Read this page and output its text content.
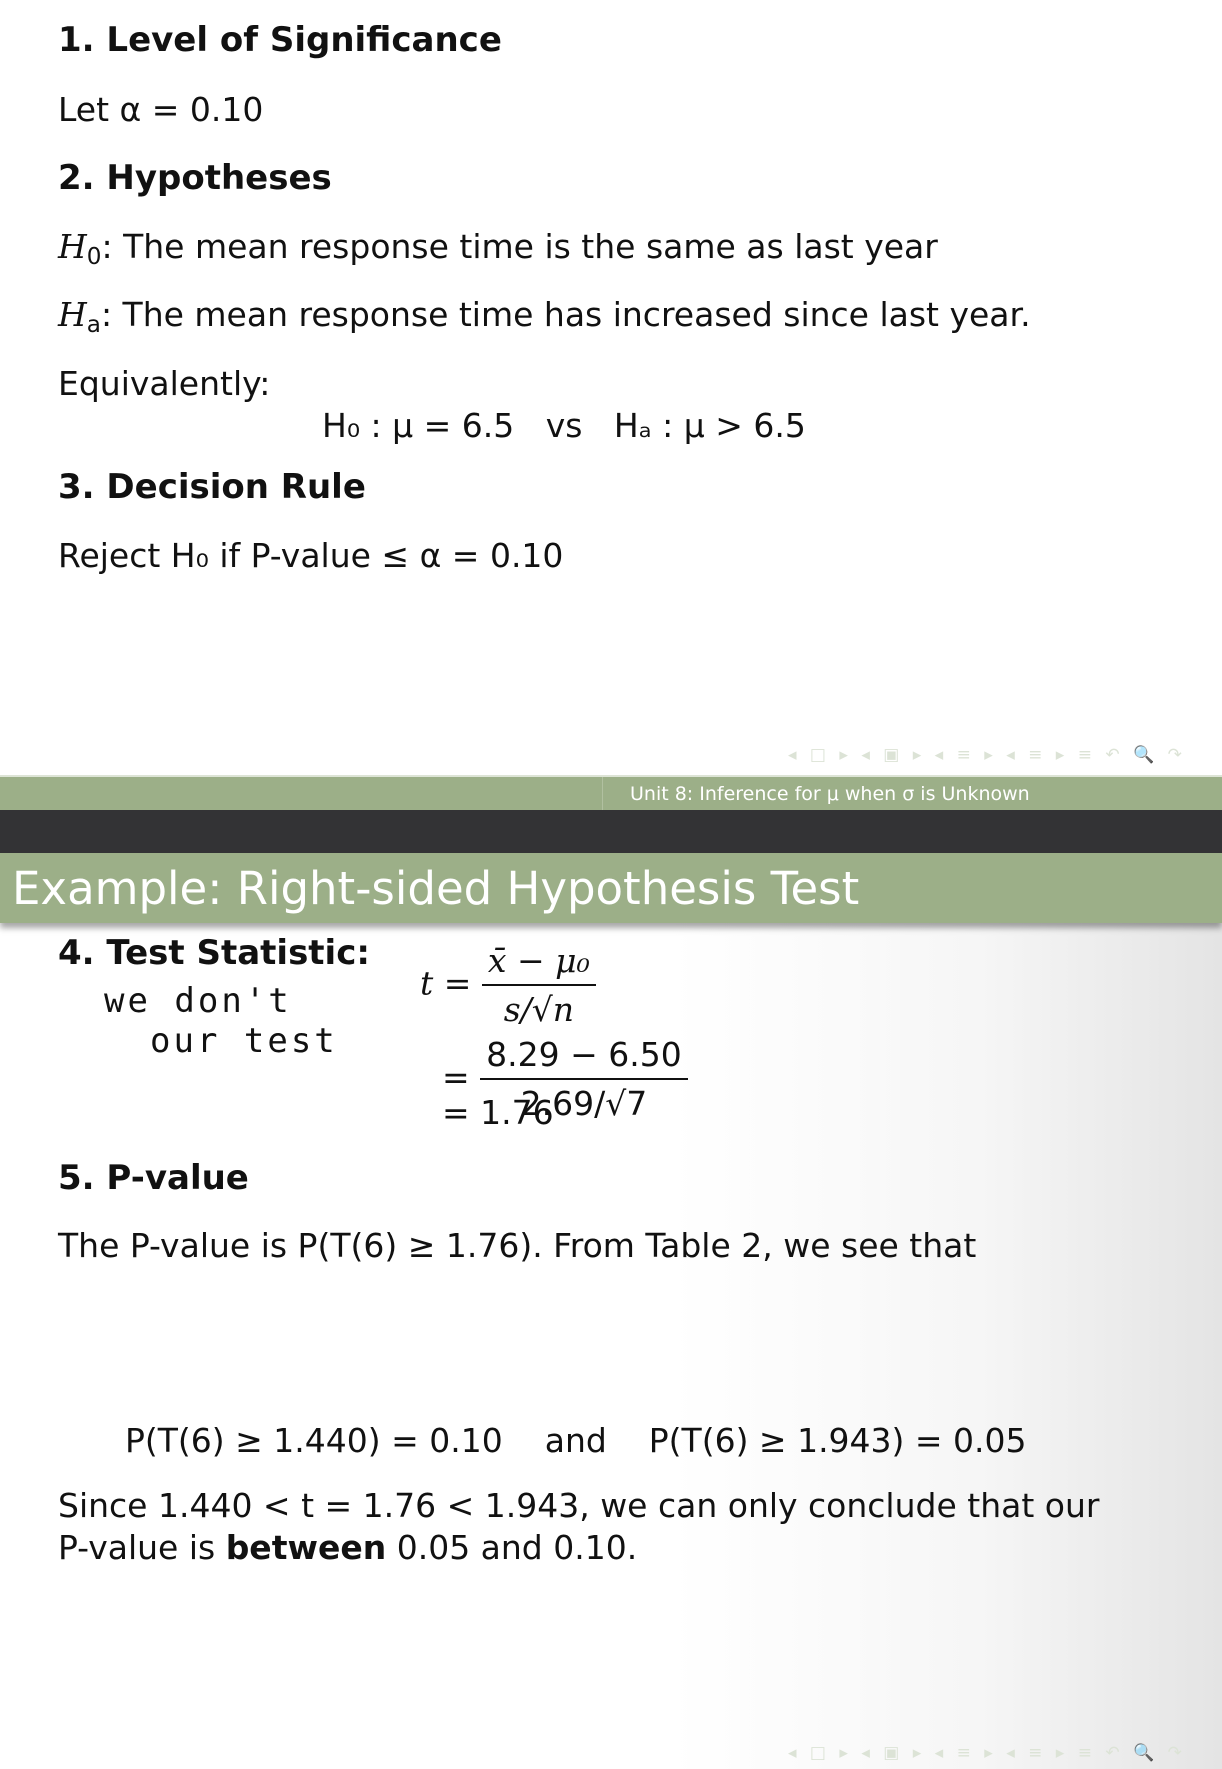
1. Level of Significance
Let α = 0.10
2. Hypotheses
$H_0$: The mean response time is the same as last year
$H_a$: The mean response time has increased since last year.
Equivalently:
H₀ : μ = 6.5   vs   Hₐ : μ > 6.5
3. Decision Rule
Reject H₀ if P-value ≤ α = 0.10
◂ □ ▸ ◂ ▣ ▸ ◂ ≡ ▸ ◂ ≡ ▸ ≡ ↶ 🔍 ↷
Unit 8: Inference for μ when σ is Unknown
Example: Right-sided Hypothesis Test
4. Test Statistic:
we don't
our test
$t = \frac{\text{x̄ − μ₀}}{s/√n}$
= $\frac{8.29 - 6.50}{2.69/√7}$
= 1.76
5. P-value
The P-value is P(T(6) ≥ 1.76). From Table 2, we see that
P(T(6) ≥ 1.440) = 0.10    and    P(T(6) ≥ 1.943) = 0.05
Since 1.440 < t = 1.76 < 1.943, we can only conclude that our
P-value is between 0.05 and 0.10.
◂ □ ▸ ◂ ▣ ▸ ◂ ≡ ▸ ◂ ≡ ▸ ≡ ↶ 🔍 ↷
